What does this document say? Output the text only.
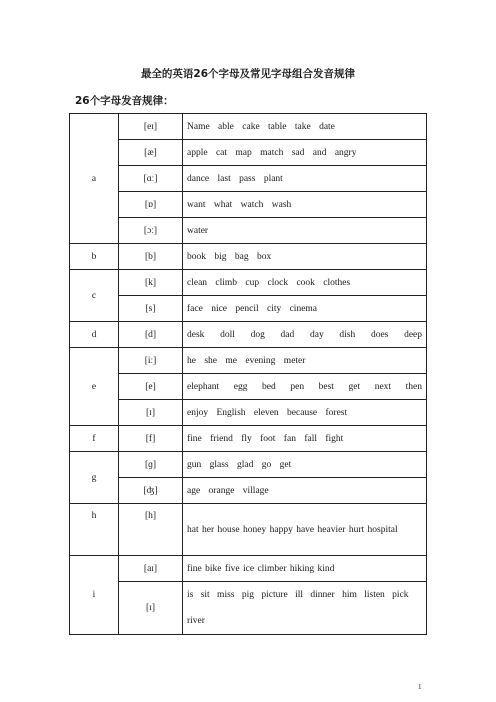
最全的英语26个字母及常见字母组合发音规律
26个字母发音规律：
a	[eɪ]	Name able cake table take date
	[æ]	apple cat map match sad and angry
	[ɑː]	dance last pass plant
	[ɒ]	want what watch wash
	[ɔː]	water
b	[b]	book big bag box
c	[k]	clean climb cup clock cook clothes
	[s]	face nice pencil city cinema
d	[d]	desk doll dog dad day dish does deep
e	[iː]	he she me evening meter
	[e]	elephant egg bed pen best get next then
	[ɪ]	enjoy English eleven because forest
f	[f]	fine friend fly foot fan fall fight
g	[ɡ]	gun glass glad go get
	[ʤ]	age orange village
h	[h]	hat her house honey happy have heavier hurt hospital
i	[aɪ]	fine bike five ice climber hiking kind
	[ɪ]	is sit miss pig picture ill dinner him listen pick river
1
